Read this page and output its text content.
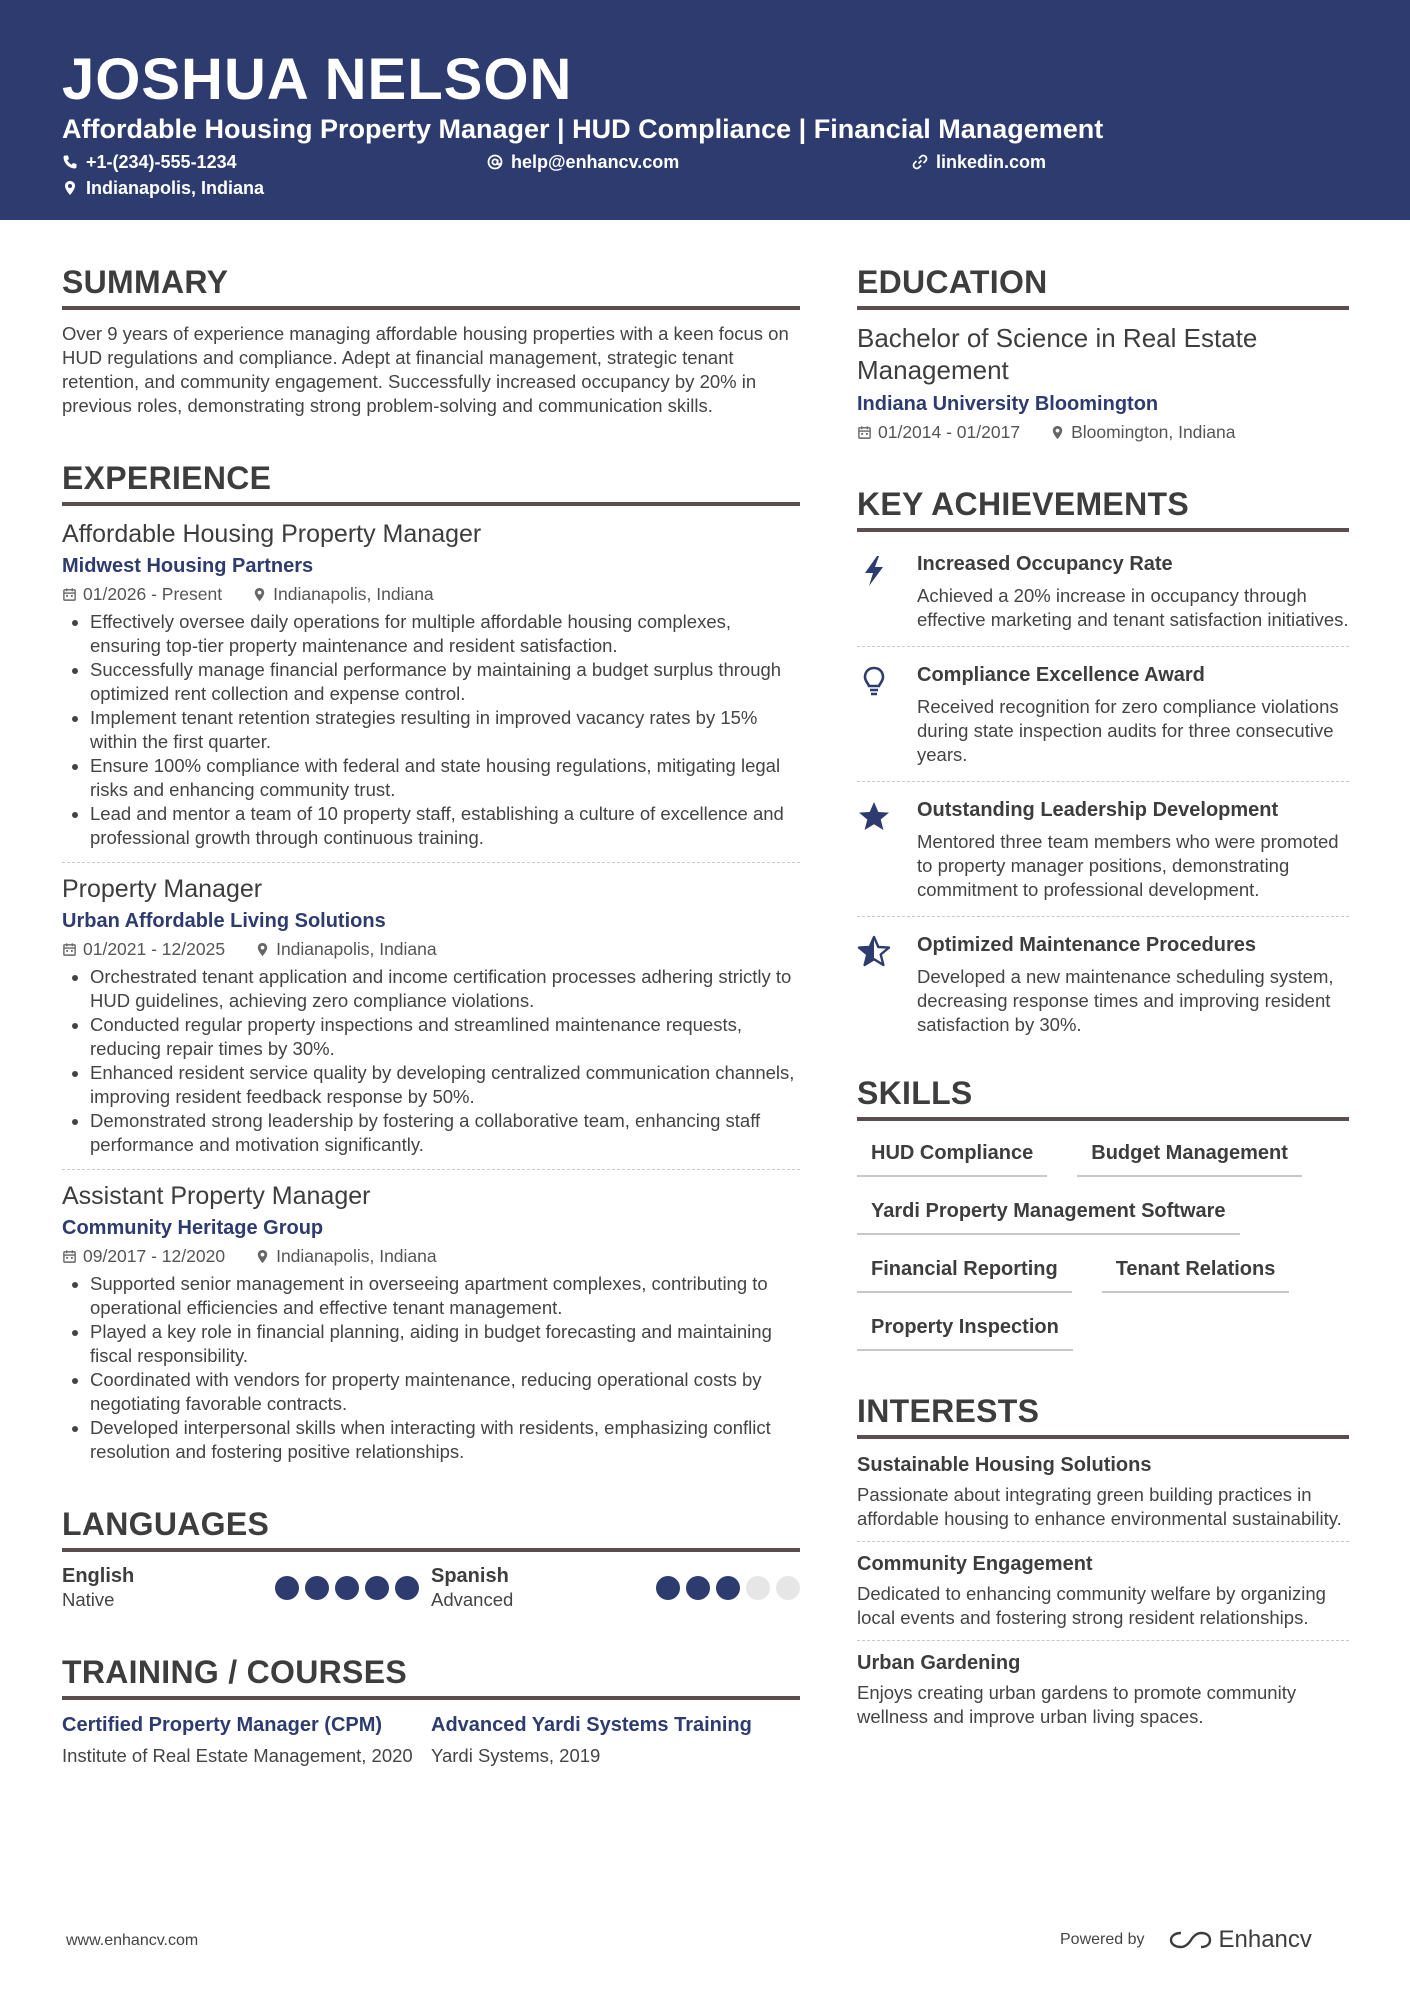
JOSHUA NELSON
Affordable Housing Property Manager | HUD Compliance | Financial Management
+1-(234)-555-1234	help@enhancv.com	linkedin.com
Indianapolis, Indiana
SUMMARY

Over 9 years of experience managing affordable housing properties with a keen focus on HUD regulations and compliance. Adept at financial management, strategic tenant retention, and community engagement. Successfully increased occupancy by 20% in previous roles, demonstrating strong problem-solving and communication skills.

EXPERIENCE
Affordable Housing Property Manager
Midwest Housing Partners
01/2026 - Present	Indianapolis, Indiana
• Effectively oversee daily operations for multiple affordable housing complexes, ensuring top-tier property maintenance and resident satisfaction.
• Successfully manage financial performance by maintaining a budget surplus through optimized rent collection and expense control.
• Implement tenant retention strategies resulting in improved vacancy rates by 15% within the first quarter.
• Ensure 100% compliance with federal and state housing regulations, mitigating legal risks and enhancing community trust.
• Lead and mentor a team of 10 property staff, establishing a culture of excellence and professional growth through continuous training.
Property Manager
Urban Affordable Living Solutions
01/2021 - 12/2025	Indianapolis, Indiana
• Orchestrated tenant application and income certification processes adhering strictly to HUD guidelines, achieving zero compliance violations.
• Conducted regular property inspections and streamlined maintenance requests, reducing repair times by 30%.
• Enhanced resident service quality by developing centralized communication channels, improving resident feedback response by 50%.
• Demonstrated strong leadership by fostering a collaborative team, enhancing staff performance and motivation significantly.
Assistant Property Manager
Community Heritage Group
09/2017 - 12/2020	Indianapolis, Indiana
• Supported senior management in overseeing apartment complexes, contributing to operational efficiencies and effective tenant management.
• Played a key role in financial planning, aiding in budget forecasting and maintaining fiscal responsibility.
• Coordinated with vendors for property maintenance, reducing operational costs by negotiating favorable contracts.
• Developed interpersonal skills when interacting with residents, emphasizing conflict resolution and fostering positive relationships.
LANGUAGES
English
Native
Spanish
Advanced
TRAINING / COURSES
Certified Property Manager (CPM)
Institute of Real Estate Management, 2020
Advanced Yardi Systems Training
Yardi Systems, 2019
EDUCATION
Bachelor of Science in Real Estate Management
Indiana University Bloomington
01/2014 - 01/2017	Bloomington, Indiana
KEY ACHIEVEMENTS
Increased Occupancy Rate
Achieved a 20% increase in occupancy through effective marketing and tenant satisfaction initiatives.
Compliance Excellence Award
Received recognition for zero compliance violations during state inspection audits for three consecutive years.
Outstanding Leadership Development
Mentored three team members who were promoted to property manager positions, demonstrating commitment to professional development.
Optimized Maintenance Procedures
Developed a new maintenance scheduling system, decreasing response times and improving resident satisfaction by 30%.
SKILLS
HUD Compliance	Budget Management
Yardi Property Management Software
Financial Reporting	Tenant Relations
Property Inspection
INTERESTS
Sustainable Housing Solutions
Passionate about integrating green building practices in affordable housing to enhance environmental sustainability.
Community Engagement
Dedicated to enhancing community welfare by organizing local events and fostering strong resident relationships.
Urban Gardening
Enjoys creating urban gardens to promote community wellness and improve urban living spaces.
www.enhancv.com	Powered by	Enhancv
